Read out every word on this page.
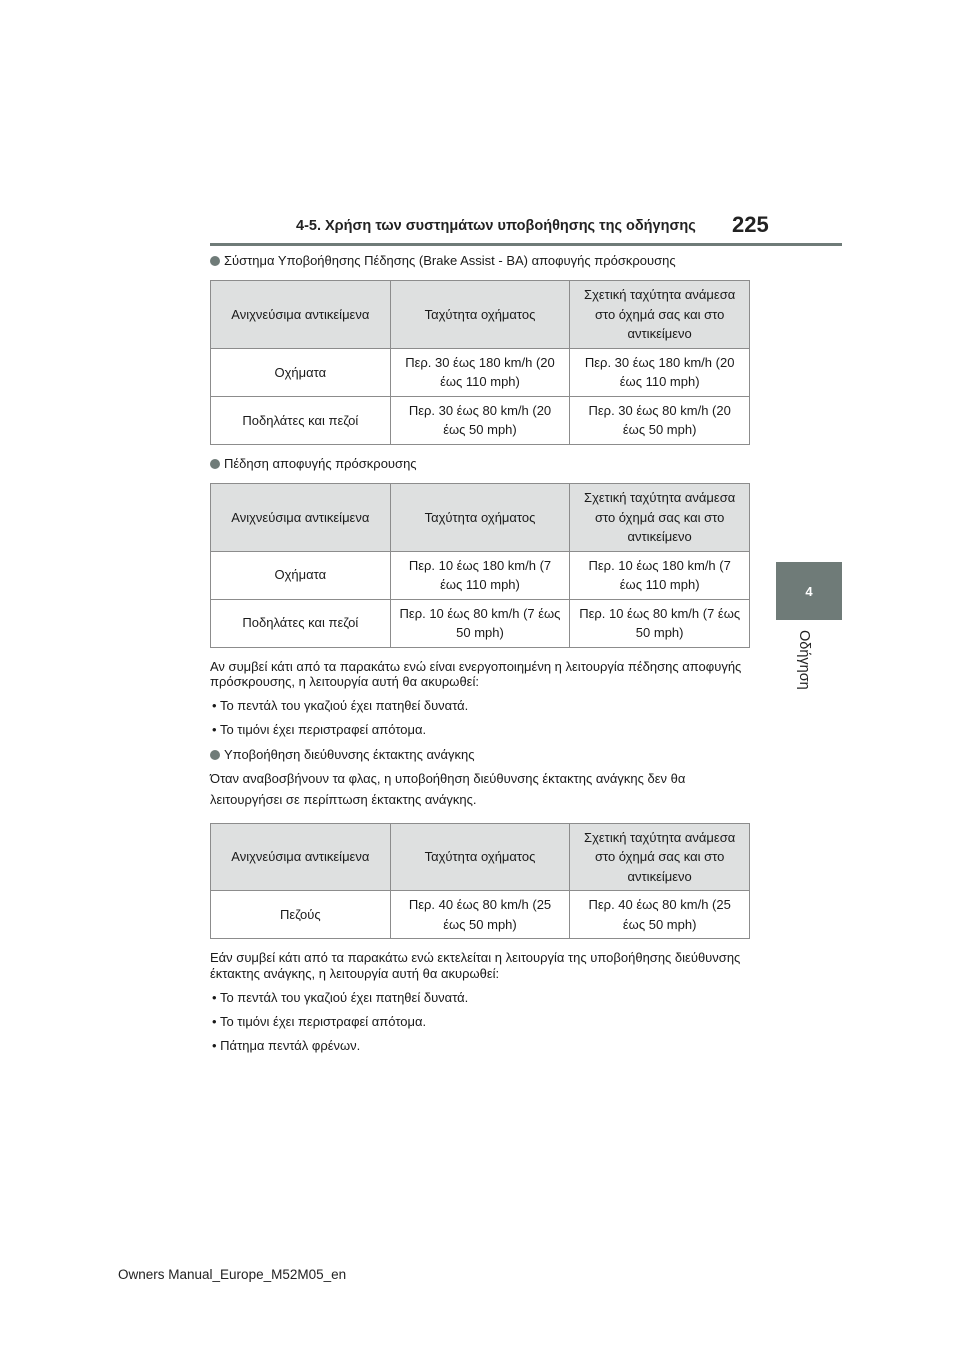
4-5. Χρήση των συστημάτων υποβοήθησης της οδήγησης 225
4
Οδήγηση
Σύστημα Υποβοήθησης Πέδησης (Brake Assist - BA) αποφυγής πρόσκρουσης
Ανιχνεύσιμα αντικείμενα	Ταχύτητα οχήματος	Σχετική ταχύτητα ανάμεσα στο όχημά σας και στο αντικείμενο
Οχήματα	Περ. 30 έως 180 km/h (20 έως 110 mph)	Περ. 30 έως 180 km/h (20 έως 110 mph)
Ποδηλάτες και πεζοί	Περ. 30 έως 80 km/h (20 έως 50 mph)	Περ. 30 έως 80 km/h (20 έως 50 mph)
Πέδηση αποφυγής πρόσκρουσης
Ανιχνεύσιμα αντικείμενα	Ταχύτητα οχήματος	Σχετική ταχύτητα ανάμεσα στο όχημά σας και στο αντικείμενο
Οχήματα	Περ. 10 έως 180 km/h (7 έως 110 mph)	Περ. 10 έως 180 km/h (7 έως 110 mph)
Ποδηλάτες και πεζοί	Περ. 10 έως 80 km/h (7 έως 50 mph)	Περ. 10 έως 80 km/h (7 έως 50 mph)

Αν συμβεί κάτι από τα παρακάτω ενώ είναι ενεργοποιημένη η λειτουργία πέδησης αποφυγής πρόσκρουσης, η λειτουργία αυτή θα ακυρωθεί:

• Το πεντάλ του γκαζιού έχει πατηθεί δυνατά.
• Το τιμόνι έχει περιστραφεί απότομα.
Υποβοήθηση διεύθυνσης έκτακτης ανάγκης

Όταν αναβοσβήνουν τα φλας, η υποβοήθηση διεύθυνσης έκτακτης ανάγκης δεν θα λειτουργήσει σε περίπτωση έκτακτης ανάγκης.

Ανιχνεύσιμα αντικείμενα	Ταχύτητα οχήματος	Σχετική ταχύτητα ανάμεσα στο όχημά σας και στο αντικείμενο
Πεζούς	Περ. 40 έως 80 km/h (25 έως 50 mph)	Περ. 40 έως 80 km/h (25 έως 50 mph)

Εάν συμβεί κάτι από τα παρακάτω ενώ εκτελείται η λειτουργία της υποβοήθησης διεύθυνσης έκτακτης ανάγκης, η λειτουργία αυτή θα ακυρωθεί:

• Το πεντάλ του γκαζιού έχει πατηθεί δυνατά.
• Το τιμόνι έχει περιστραφεί απότομα.
• Πάτημα πεντάλ φρένων.
Owners Manual_Europe_M52M05_en
